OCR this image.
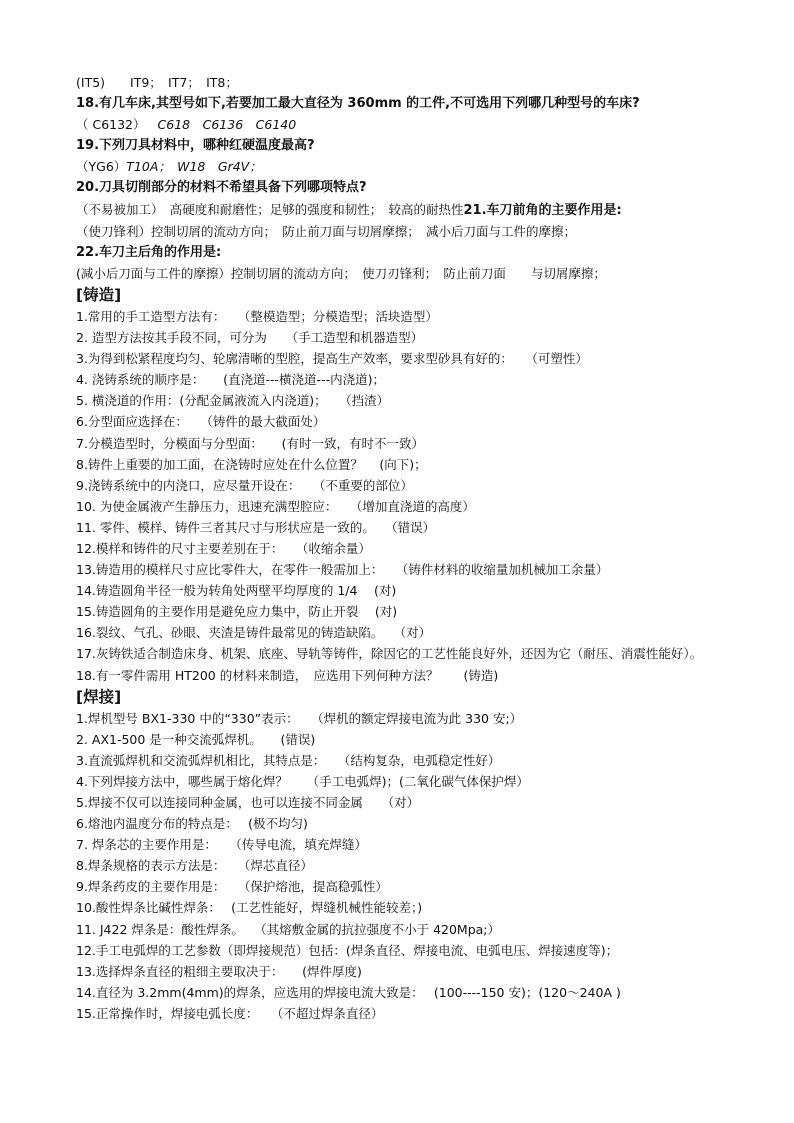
(IT5)　　IT9；　IT7；　IT8；
18.有几车床,其型号如下,若要加工最大直径为 360mm 的工件,不可选用下列哪几种型号的车床?
（ C6132） C618　C6136　C6140
19.下列刀具材料中，哪种红硬温度最高?
（YG6）T10A；　W18　Gr4V；
20.刀具切削部分的材料不希望具备下列哪项特点?
（不易被加工）　高硬度和耐磨性；足够的强度和韧性；　较高的耐热性21.车刀前角的主要作用是:
（使刀锋利）控制切屑的流动方向；　防止前刀面与切屑摩擦；　减小后刀面与工件的摩擦；
22.车刀主后角的作用是:
(减小后刀面与工件的摩擦）控制切屑的流动方向；　使刀刃锋利；　防止前刀面　　与切屑摩擦；
[铸造]
1.常用的手工造型方法有：　　（整模造型；分模造型；活块造型）
2. 造型方法按其手段不同，可分为　　（手工造型和机器造型）
3.为得到松紧程度均匀、轮廓清晰的型腔，提高生产效率，要求型砂具有好的：　　（可塑性）
4. 浇铸系统的顺序是：　　(直浇道---横浇道---内浇道)；
5. 横浇道的作用：(分配金属液流入内浇道)；　　（挡渣）
6.分型面应选择在：　　（铸件的最大截面处）
7.分模造型时，分模面与分型面：　　(有时一致，有时不一致）
8.铸件上重要的加工面，在浇铸时应处在什么位置？　 (向下)；
9.浇铸系统中的内浇口，应尽量开设在：　　（不重要的部位）
10. 为使金属液产生静压力，迅速充满型腔应：　　（增加直浇道的高度）
11. 零件、模样、铸件三者其尺寸与形状应是一致的。　 （错误）
12.模样和铸件的尺寸主要差别在于：　　（收缩余量）
13.铸造用的模样尺寸应比零件大，在零件一般需加上：　　（铸件材料的收缩量加机械加工余量）
14.铸造圆角半径一般为转角处两壁平均厚度的 1/4　 (对)
15.铸造圆角的主要作用是避免应力集中，防止开裂　 (对)
16.裂纹、气孔、砂眼、夹渣是铸件最常见的铸造缺陷。　 （对）
17.灰铸铁适合制造床身、机架、底座、导轨等铸件，除因它的工艺性能良好外，还因为它（耐压、消震性能好）。
18.有一零件需用 HT200 的材料来制造，　应选用下列何种方法？　　(铸造)
[焊接]
1.焊机型号 BX1-330 中的“330”表示：　　（焊机的额定焊接电流为此 330 安;）
2. AX1-500 是一种交流弧焊机。　　(错误)
3.直流弧焊机和交流弧焊机相比，其特点是：　　（结构复杂，电弧稳定性好）
4.下列焊接方法中，哪些属于熔化焊？　　（手工电弧焊)；(二氧化碳气体保护焊）
5.焊接不仅可以连接同种金属，也可以连接不同金属　　（对）
6.熔池内温度分布的特点是：　 (极不均匀)
7. 焊条芯的主要作用是：　　（传导电流，填充焊缝）
8.焊条规格的表示方法是：　　（焊芯直径）
9.焊条药皮的主要作用是：　　（保护熔池，提高稳弧性）
10.酸性焊条比碱性焊条：　 (工艺性能好，焊缝机械性能较差；)
11. J422 焊条是：酸性焊条。　 （其熔敷金属的抗拉强度不小于 420Mpa;）
12.手工电弧焊的工艺参数（即焊接规范）包括：(焊条直径、焊接电流、电弧电压、焊接速度等)；
13.选择焊条直径的粗细主要取决于：　　(焊件厚度)
14.直径为 3.2mm(4mm)的焊条，应选用的焊接电流大致是：　 (100----150 安)；(120～240A )
15.正常操作时，焊接电弧长度：　　（不超过焊条直径）
